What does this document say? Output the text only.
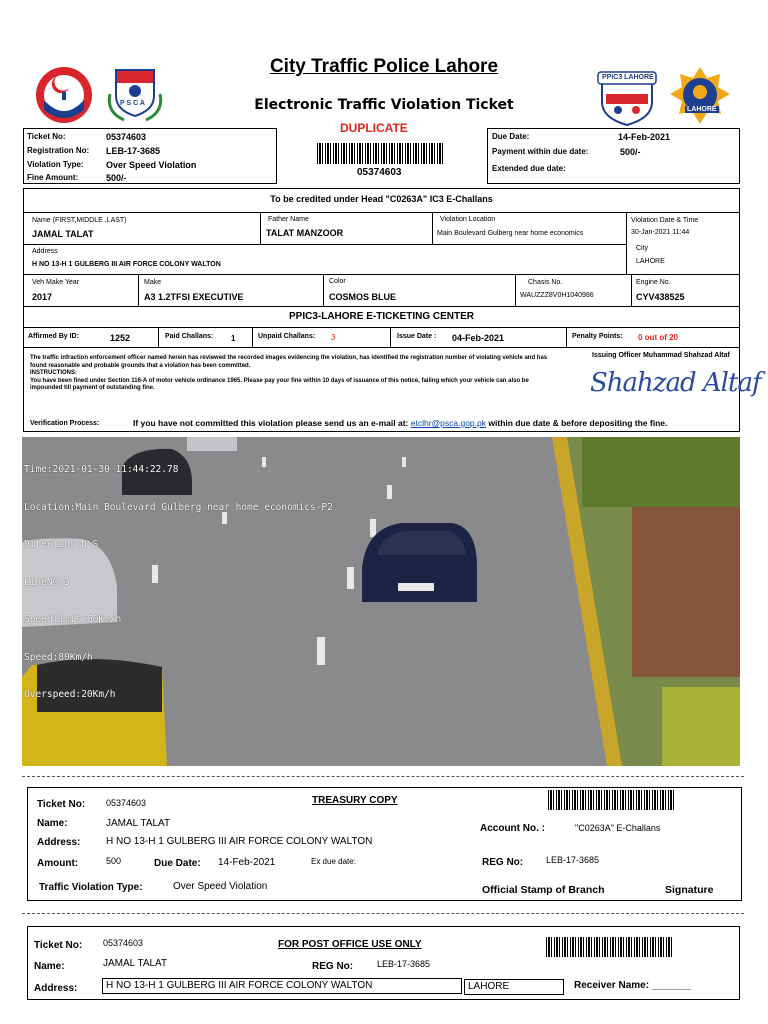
P S C A
City Traffic Police Lahore
Electronic Traffic Violation Ticket
PPIC3 LAHORE
LAHORE
Ticket No:	05374603
Registration No: LEB-17-3685
Violation Type: Over Speed Violation
Fine Amount:	500/-
DUPLICATE
05374603
Due Date:	14-Feb-2021
Payment within due date:	500/-
Extended due date:
To be credited under Head "C0263A" IC3 E-Challans
Name (FIRST,MIDDLE ,LAST)
JAMAL TALAT
Father Name
TALAT MANZOOR
Violation Location
Main Boulevard Gulberg near home economics
Violation Date & Time
30-Jan-2021 11:44
Address
H NO 13-H 1 GULBERG III AIR FORCE COLONY WALTON
City
LAHORE
Veh Make Year
2017
Make
A3 1.2TFSI EXECUTIVE
Color
COSMOS BLUE
Chasis No.
WAUZZZ8V0H1040986
Engine No.
CYV438525
PPIC3-LAHORE E-TICKETING CENTER
Affirmed By ID:	1252	Paid Challans: 1	Unpaid Challans: 3	Issue Date : 04-Feb-2021	Penalty Points: 0 out of 20
The traffic infraction enforcement officer named herein has reviewed the recorded images evidencing the violation, has identified the registration number of violating vehicle and has found reasonable and probable grounds that a violation has been committed.
INSTRUCTIONS:
You have been fined under Section 116-A of motor vehicle ordinance 1965. Please pay your fine within 10 days of issuance of this notice, failing which your vehicle can also be impounded till payment of outstanding fine.
Issuing Officer Muhammad Shahzad Altaf
Shahzad Altaf
Verification Process:	If you have not committed this violation please send us an e-mail at: etclhr@psca.gop.pk within due date & before depositing the fine.

Time:2021-01-30 11:44:22.78

Location:Main Boulevard Gulberg near home economics-P2

Direction:N\S

LineNO:3

Speedlimit:60Km/h

Speed:80Km/h

Overspeed:20Km/h

Ticket No: 05374603	TREASURY COPY
Name:	JAMAL TALAT	Account No. :	"C0263A" E-Challans
Address:	H NO 13-H 1 GULBERG III AIR FORCE COLONY WALTON
Amount:	500	Due Date: 14-Feb-2021	Ex due date:	REG No:	LEB-17-3685
Traffic Violation Type:	Over Speed Violation	Official Stamp of Branch	Signature
Ticket No: 05374603	FOR POST OFFICE USE ONLY
Name:	JAMAL TALAT	REG No:	LEB-17-3685
Address:	H NO 13-H 1 GULBERG III AIR FORCE COLONY WALTON	LAHORE	Receiver Name: _______
